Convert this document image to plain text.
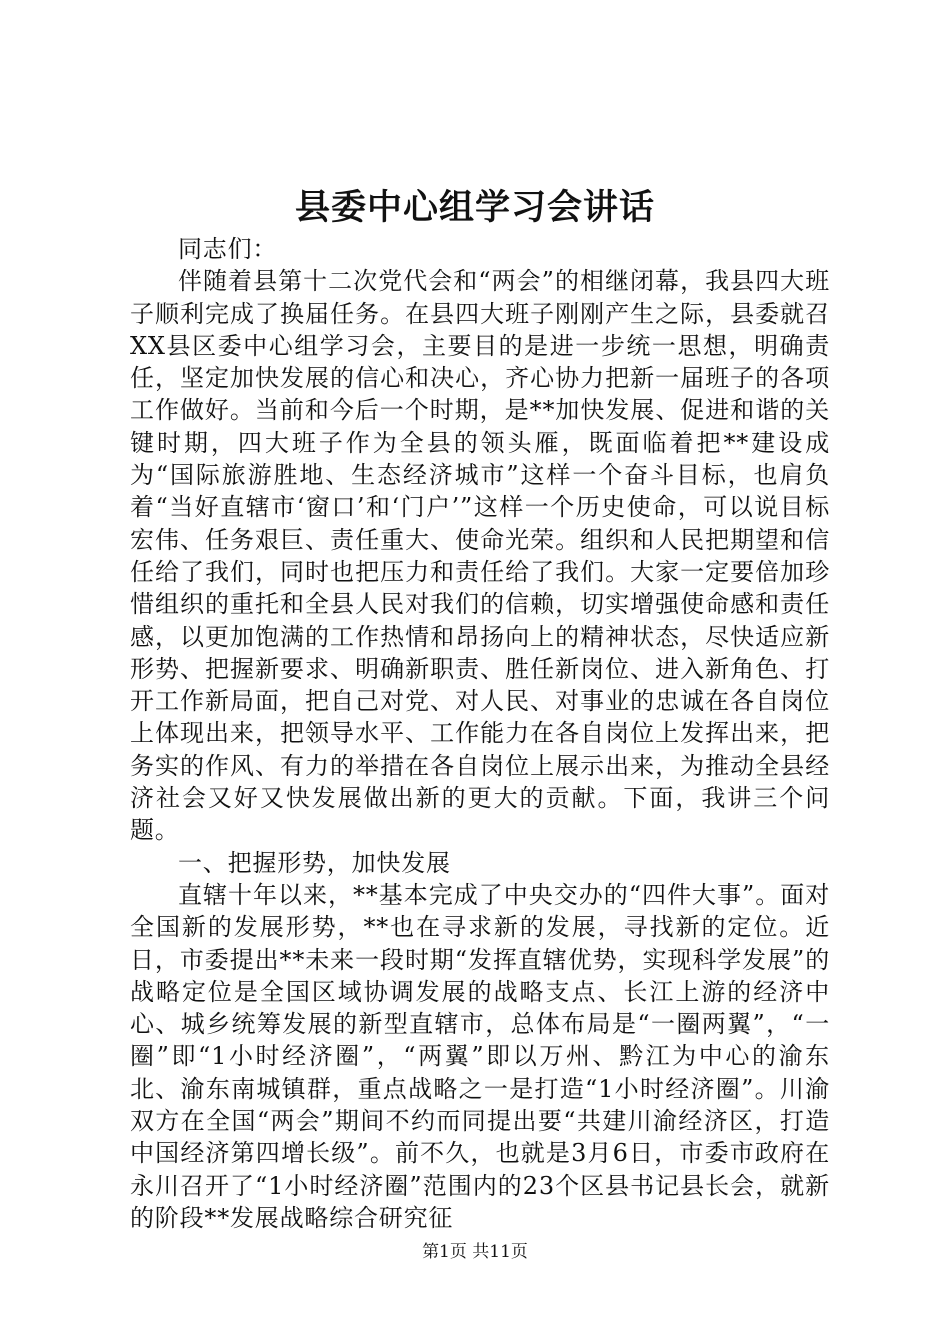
县委中心组学习会讲话

同志们：

伴随着县第十二次党代会和“两会”的相继闭幕，我县四大班子顺利完成了换届任务。在县四大班子刚刚产生之际，县委就召XX县区委中心组学习会，主要目的是进一步统一思想，明确责任，坚定加快发展的信心和决心，齐心协力把新一届班子的各项工作做好。当前和今后一个时期，是**加快发展、促进和谐的关键时期，四大班子作为全县的领头雁，既面临着把**建设成为“国际旅游胜地、生态经济城市”这样一个奋斗目标，也肩负着“当好直辖市‘窗口’和‘门户’”这样一个历史使命，可以说目标宏伟、任务艰巨、责任重大、使命光荣。组织和人民把期望和信任给了我们，同时也把压力和责任给了我们。大家一定要倍加珍惜组织的重托和全县人民对我们的信赖，切实增强使命感和责任感，以更加饱满的工作热情和昂扬向上的精神状态，尽快适应新形势、把握新要求、明确新职责、胜任新岗位、进入新角色、打开工作新局面，把自己对党、对人民、对事业的忠诚在各自岗位上体现出来，把领导水平、工作能力在各自岗位上发挥出来，把务实的作风、有力的举措在各自岗位上展示出来，为推动全县经济社会又好又快发展做出新的更大的贡献。下面，我讲三个问题。

一、把握形势，加快发展

直辖十年以来，**基本完成了中央交办的“四件大事”。面对全国新的发展形势，**也在寻求新的发展，寻找新的定位。近日，市委提出**未来一段时期“发挥直辖优势，实现科学发展”的战略定位是全国区域协调发展的战略支点、长江上游的经济中心、城乡统筹发展的新型直辖市，总体布局是“一圈两翼”，“一圈”即“1小时经济圈”，“两翼”即以万州、黔江为中心的渝东北、渝东南城镇群，重点战略之一是打造“1小时经济圈”。川渝双方在全国“两会”期间不约而同提出要“共建川渝经济区，打造中国经济第四增长级”。前不久，也就是3月6日，市委市政府在永川召开了“1小时经济圈”范围内的23个区县书记县长会，就新的阶段**发展战略综合研究征

第1页 共11页
